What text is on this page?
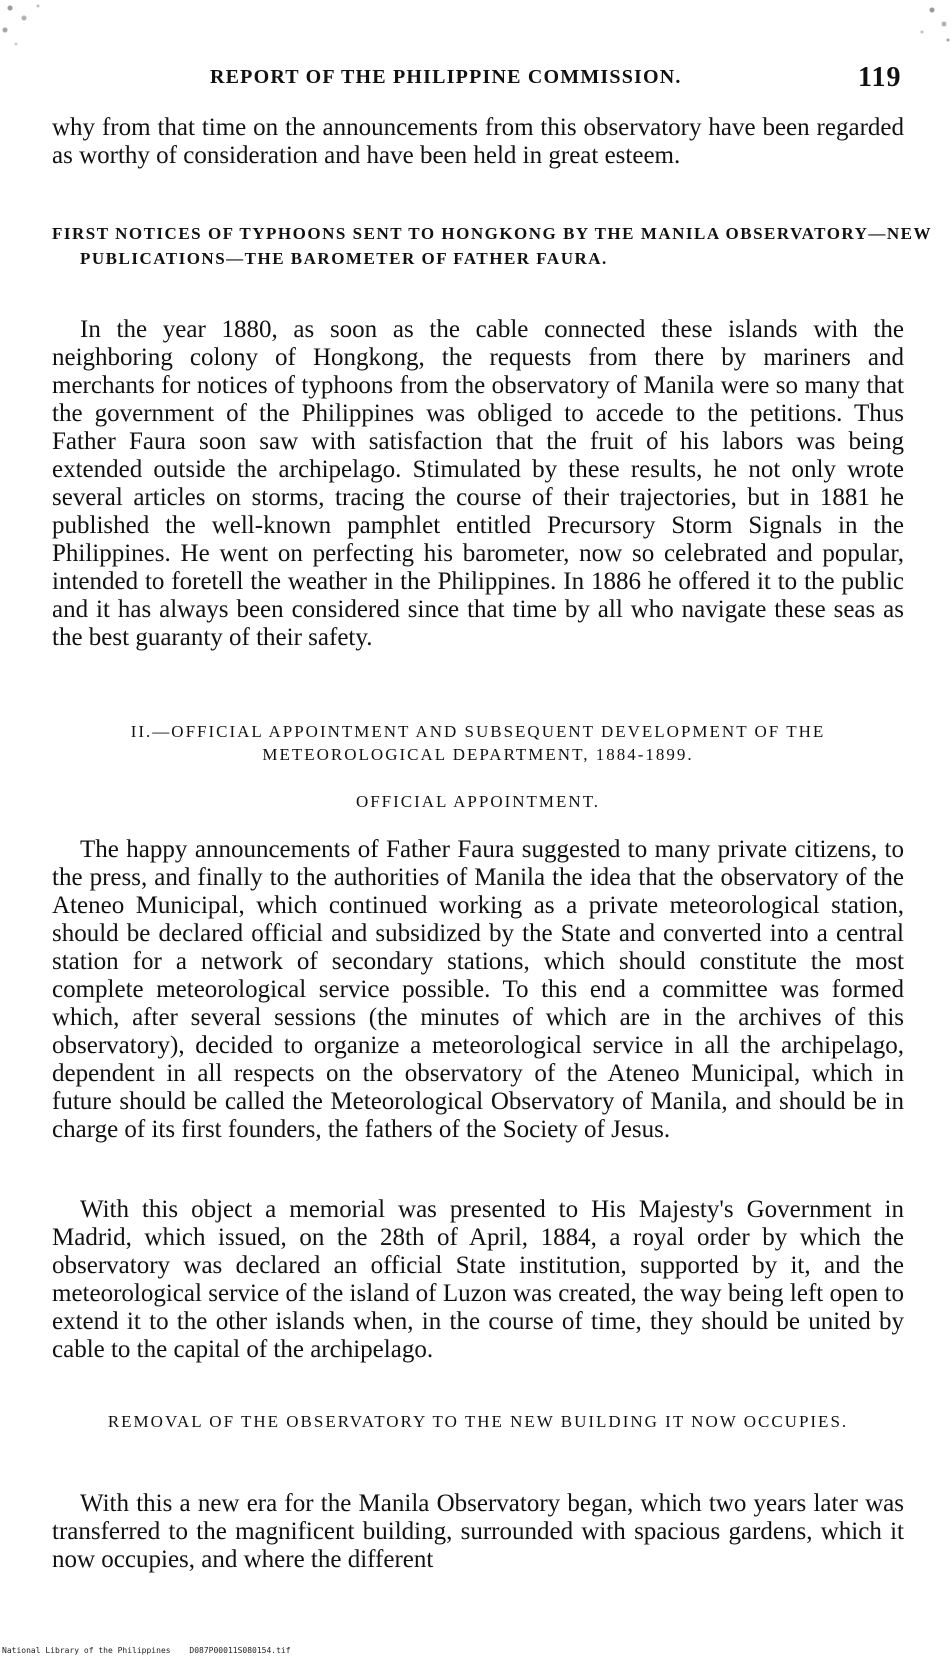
REPORT OF THE PHILIPPINE COMMISSION.	119

why from that time on the announcements from this observatory have been regarded as worthy of consideration and have been held in great esteem.

FIRST NOTICES OF TYPHOONS SENT TO HONGKONG BY THE MANILA OBSERVATORY—NEW PUBLICATIONS—THE BAROMETER OF FATHER FAURA.

In the year 1880, as soon as the cable connected these islands with the neighboring colony of Hongkong, the requests from there by mariners and merchants for notices of typhoons from the observatory of Manila were so many that the government of the Philippines was obliged to accede to the petitions. Thus Father Faura soon saw with satisfaction that the fruit of his labors was being extended outside the archipelago. Stimulated by these results, he not only wrote several articles on storms, tracing the course of their trajectories, but in 1881 he published the well-known pamphlet entitled Precursory Storm Signals in the Philippines. He went on perfecting his barometer, now so celebrated and popular, intended to foretell the weather in the Philippines. In 1886 he offered it to the public and it has always been considered since that time by all who navigate these seas as the best guaranty of their safety.

II.—OFFICIAL APPOINTMENT AND SUBSEQUENT DEVELOPMENT OF THE METEOROLOGICAL DEPARTMENT, 1884-1899.

OFFICIAL APPOINTMENT.

The happy announcements of Father Faura suggested to many private citizens, to the press, and finally to the authorities of Manila the idea that the observatory of the Ateneo Municipal, which continued working as a private meteorological station, should be declared official and subsidized by the State and converted into a central station for a network of secondary stations, which should constitute the most complete meteorological service possible. To this end a committee was formed which, after several sessions (the minutes of which are in the archives of this observatory), decided to organize a meteorological service in all the archipelago, dependent in all respects on the observatory of the Ateneo Municipal, which in future should be called the Meteorological Observatory of Manila, and should be in charge of its first founders, the fathers of the Society of Jesus.

With this object a memorial was presented to His Majesty's Government in Madrid, which issued, on the 28th of April, 1884, a royal order by which the observatory was declared an official State institution, supported by it, and the meteorological service of the island of Luzon was created, the way being left open to extend it to the other islands when, in the course of time, they should be united by cable to the capital of the archipelago.

REMOVAL OF THE OBSERVATORY TO THE NEW BUILDING IT NOW OCCUPIES.

With this a new era for the Manila Observatory began, which two years later was transferred to the magnificent building, surrounded with spacious gardens, which it now occupies, and where the different

National Library of the Philippines D087P00011S080154.tif
